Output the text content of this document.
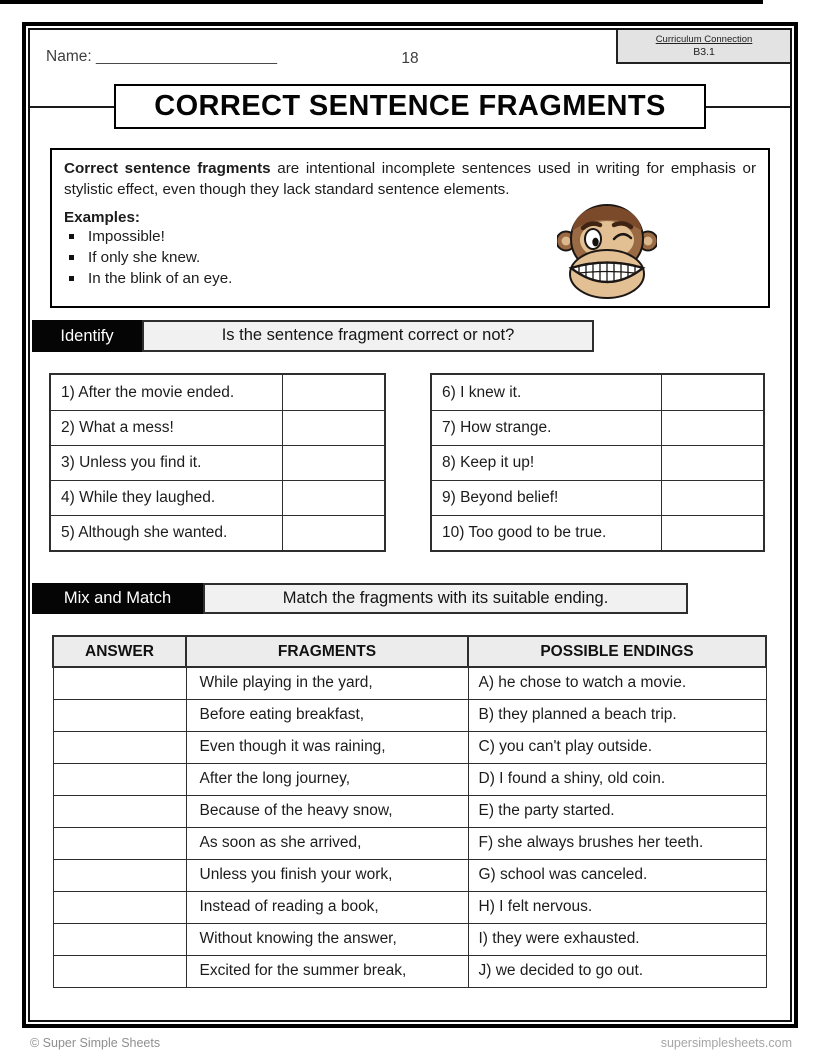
Name: _____________________	18
Curriculum Connection
B3.1
CORRECT SENTENCE FRAGMENTS

Correct sentence fragments are intentional incomplete sentences used in writing for emphasis or stylistic effect, even though they lack standard sentence elements.

Examples:
Impossible!
If only she knew.
In the blink of an eye.
Identify	Is the sentence fragment correct or not?
1) After the movie ended.
2) What a mess!
3) Unless you find it.
4) While they laughed.
5) Although she wanted.
6) I knew it.
7) How strange.
8) Keep it up!
9) Beyond belief!
10) Too good to be true.
Mix and Match	Match the fragments with its suitable ending.
ANSWER	FRAGMENTS	POSSIBLE ENDINGS
	While playing in the yard,	A) he chose to watch a movie.
	Before eating breakfast,	B) they planned a beach trip.
	Even though it was raining,	C) you can't play outside.
	After the long journey,	D) I found a shiny, old coin.
	Because of the heavy snow,	E) the party started.
	As soon as she arrived,	F) she always brushes her teeth.
	Unless you finish your work,	G) school was canceled.
	Instead of reading a book,	H) I felt nervous.
	Without knowing the answer,	I) they were exhausted.
	Excited for the summer break,	J) we decided to go out.
© Super Simple Sheets	supersimplesheets.com
